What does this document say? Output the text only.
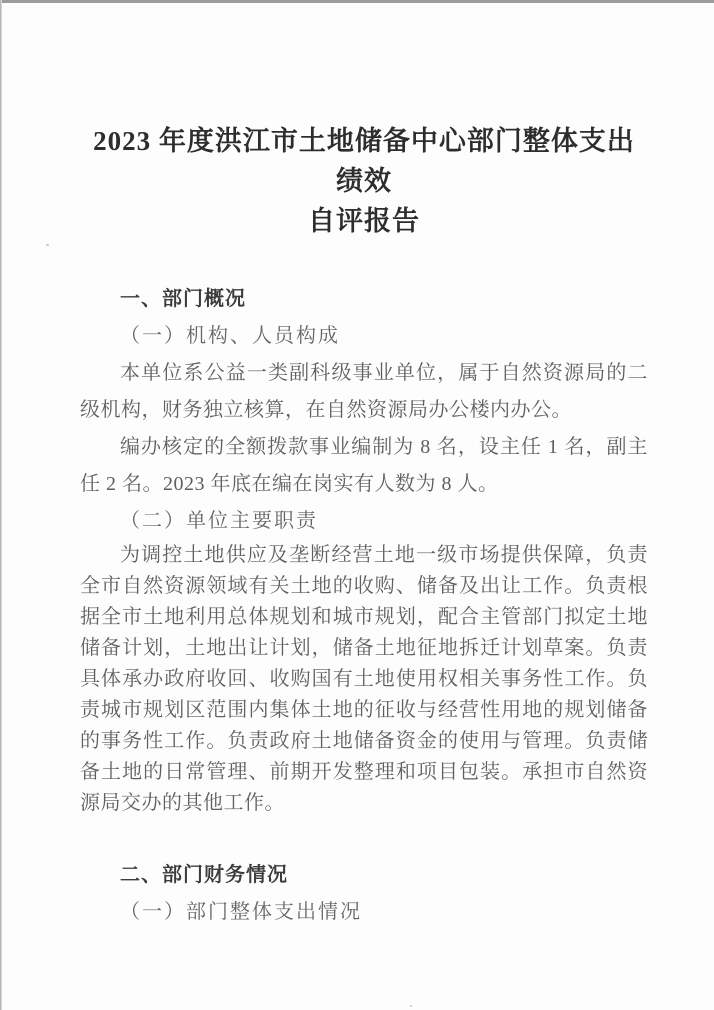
2023 年度洪江市土地储备中心部门整体支出绩效
自评报告
一、部门概况
（一）机构、人员构成

本单位系公益一类副科级事业单位，属于自然资源局的二级机构，财务独立核算，在自然资源局办公楼内办公。

编办核定的全额拨款事业编制为 8 名，设主任 1 名，副主任 2 名。2023 年底在编在岗实有人数为 8 人。

（二）单位主要职责

为调控土地供应及垄断经营土地一级市场提供保障，负责全市自然资源领域有关土地的收购、储备及出让工作。负责根据全市土地利用总体规划和城市规划，配合主管部门拟定土地储备计划，土地出让计划，储备土地征地拆迁计划草案。负责具体承办政府收回、收购国有土地使用权相关事务性工作。负责城市规划区范围内集体土地的征收与经营性用地的规划储备的事务性工作。负责政府土地储备资金的使用与管理。负责储备土地的日常管理、前期开发整理和项目包装。承担市自然资源局交办的其他工作。

二、部门财务情况
（一）部门整体支出情况
